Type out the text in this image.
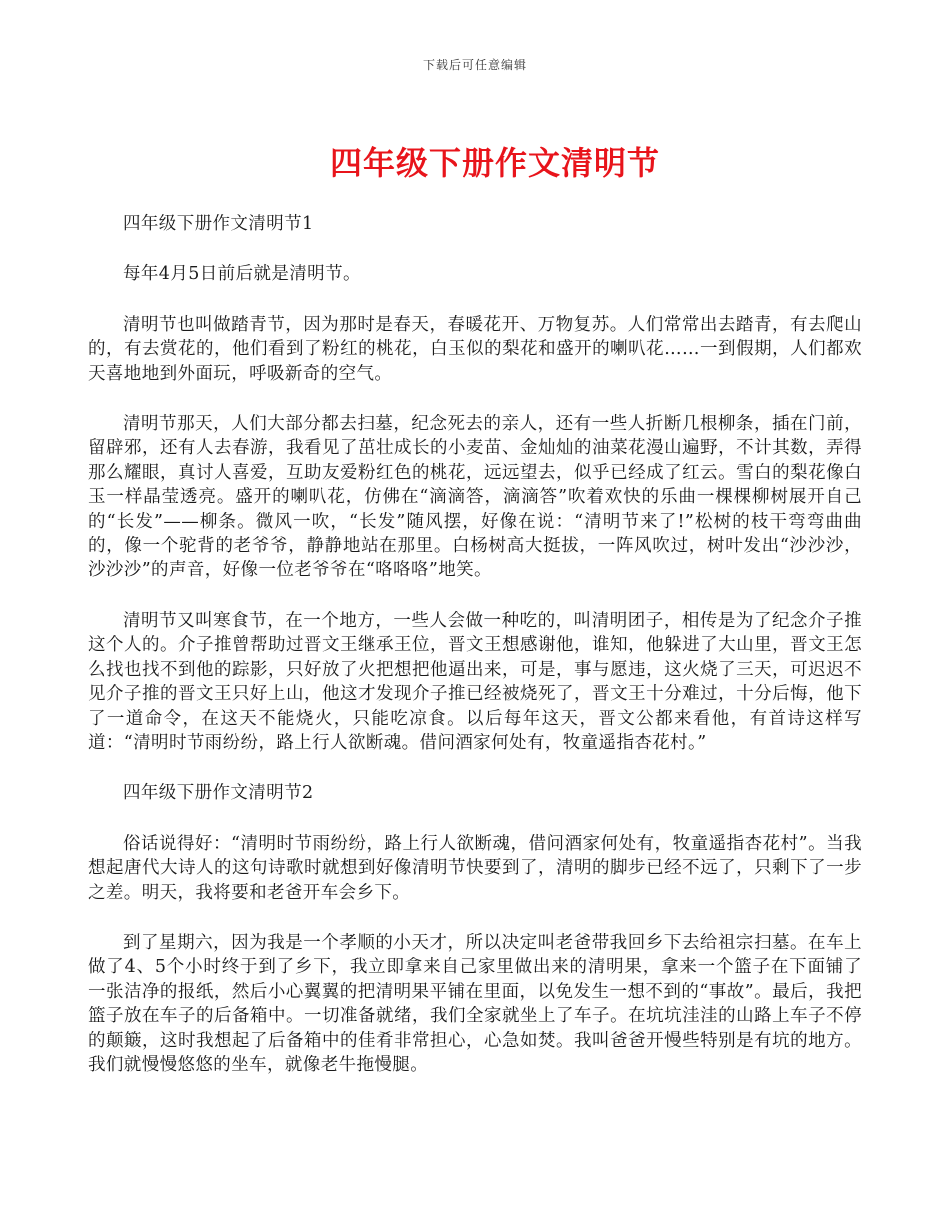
下载后可任意编辑
四年级下册作文清明节

四年级下册作文清明节1

每年4月5日前后就是清明节。

清明节也叫做踏青节，因为那时是春天，春暖花开、万物复苏。人们常常出去踏青，有去爬山的，有去赏花的，他们看到了粉红的桃花，白玉似的梨花和盛开的喇叭花……一到假期，人们都欢天喜地地到外面玩，呼吸新奇的空气。

清明节那天，人们大部分都去扫墓，纪念死去的亲人，还有一些人折断几根柳条，插在门前，留辟邪，还有人去春游，我看见了茁壮成长的小麦苗、金灿灿的油菜花漫山遍野，不计其数，弄得那么耀眼，真讨人喜爱，互助友爱粉红色的桃花，远远望去，似乎已经成了红云。雪白的梨花像白玉一样晶莹透亮。盛开的喇叭花，仿佛在“滴滴答，滴滴答”吹着欢快的乐曲一棵棵柳树展开自己的“长发”——柳条。微风一吹，“长发”随风摆，好像在说：“清明节来了!”松树的枝干弯弯曲曲的，像一个驼背的老爷爷，静静地站在那里。白杨树高大挺拔，一阵风吹过，树叶发出“沙沙沙，沙沙沙”的声音，好像一位老爷爷在“咯咯咯”地笑。

清明节又叫寒食节，在一个地方，一些人会做一种吃的，叫清明团子，相传是为了纪念介子推这个人的。介子推曾帮助过晋文王继承王位，晋文王想感谢他，谁知，他躲进了大山里，晋文王怎么找也找不到他的踪影，只好放了火把想把他逼出来，可是，事与愿违，这火烧了三天，可迟迟不见介子推的晋文王只好上山，他这才发现介子推已经被烧死了，晋文王十分难过，十分后悔，他下了一道命令，在这天不能烧火，只能吃凉食。以后每年这天，晋文公都来看他，有首诗这样写道：“清明时节雨纷纷，路上行人欲断魂。借问酒家何处有，牧童遥指杏花村。”

四年级下册作文清明节2

俗话说得好：“清明时节雨纷纷，路上行人欲断魂，借问酒家何处有，牧童遥指杏花村”。当我想起唐代大诗人的这句诗歌时就想到好像清明节快要到了，清明的脚步已经不远了，只剩下了一步之差。明天，我将要和老爸开车会乡下。

到了星期六，因为我是一个孝顺的小天才，所以决定叫老爸带我回乡下去给祖宗扫墓。在车上做了4、5个小时终于到了乡下，我立即拿来自己家里做出来的清明果，拿来一个篮子在下面铺了一张洁净的报纸，然后小心翼翼的把清明果平铺在里面，以免发生一想不到的“事故”。最后，我把篮子放在车子的后备箱中。一切准备就绪，我们全家就坐上了车子。在坑坑洼洼的山路上车子不停的颠簸，这时我想起了后备箱中的佳肴非常担心，心急如焚。我叫爸爸开慢些特别是有坑的地方。我们就慢慢悠悠的坐车，就像老牛拖慢腿。
